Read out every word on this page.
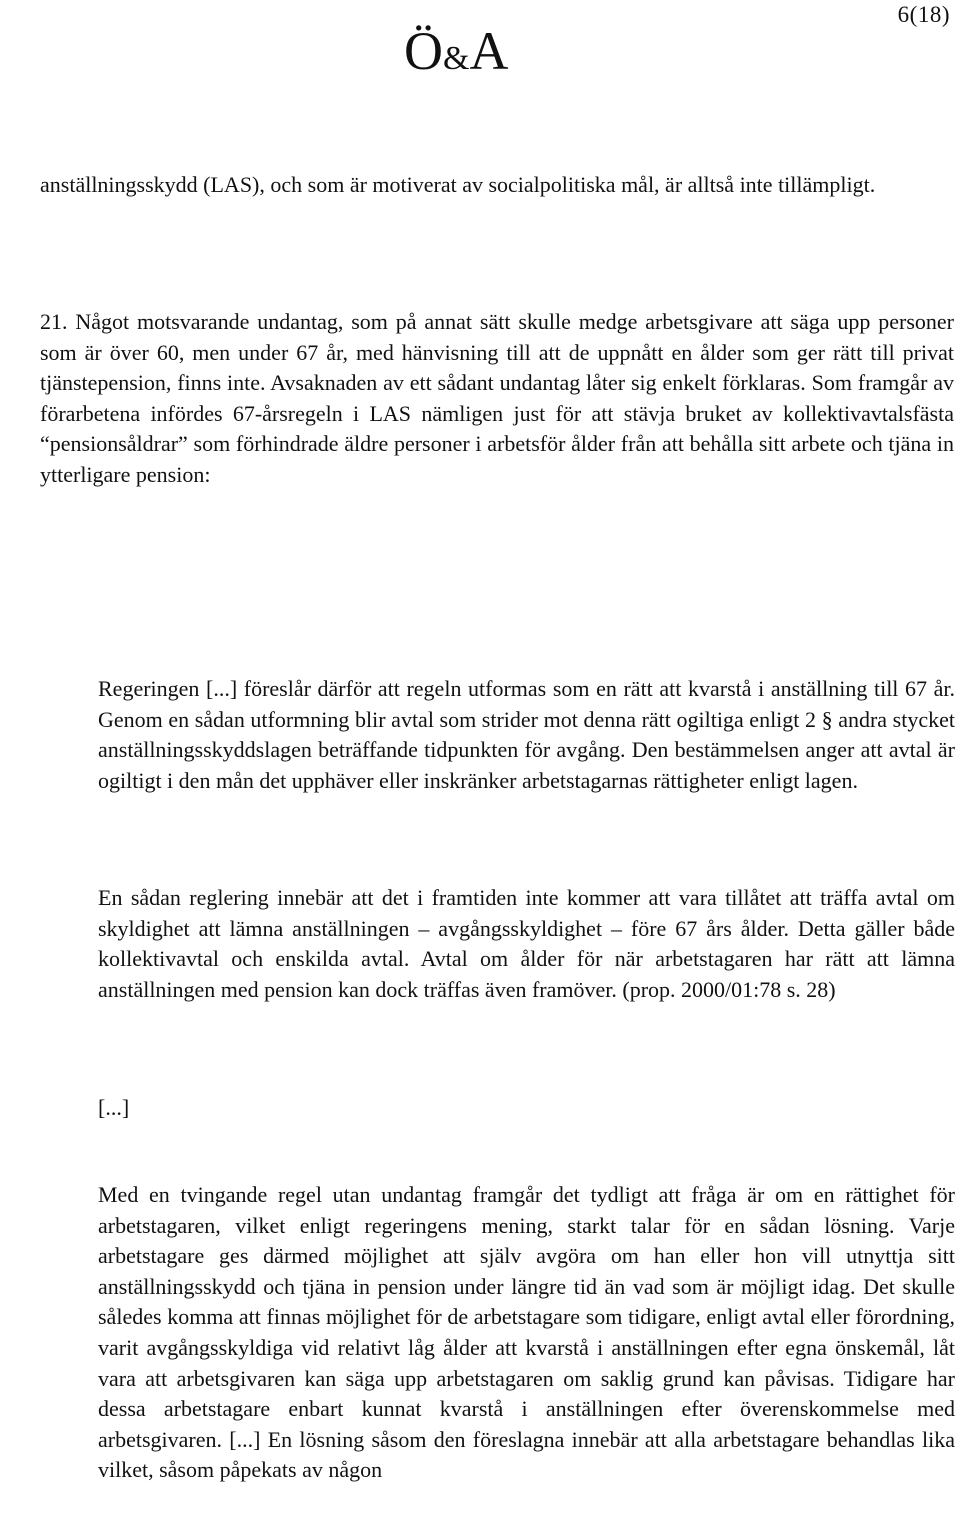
6(18)
Ö&A

anställningsskydd (LAS), och som är motiverat av socialpolitiska mål, är alltså inte tillämpligt.

21. Något motsvarande undantag, som på annat sätt skulle medge arbetsgivare att säga upp personer som är över 60, men under 67 år, med hänvisning till att de uppnått en ålder som ger rätt till privat tjänstepension, finns inte. Avsaknaden av ett sådant undantag låter sig enkelt förklaras. Som framgår av förarbetena infördes 67-årsregeln i LAS nämligen just för att stävja bruket av kollektivavtalsfästa “pensionsåldrar” som förhindrade äldre personer i arbetsför ålder från att behålla sitt arbete och tjäna in ytterligare pension:

Regeringen [...] föreslår därför att regeln utformas som en rätt att kvarstå i anställning till 67 år. Genom en sådan utformning blir avtal som strider mot denna rätt ogiltiga enligt 2 § andra stycket anställningsskyddslagen beträffande tidpunkten för avgång. Den bestämmelsen anger att avtal är ogiltigt i den mån det upphäver eller inskränker arbetstagarnas rättigheter enligt lagen.

En sådan reglering innebär att det i framtiden inte kommer att vara tillåtet att träffa avtal om skyldighet att lämna anställningen – avgångsskyldighet – före 67 års ålder. Detta gäller både kollektivavtal och enskilda avtal. Avtal om ålder för när arbetstagaren har rätt att lämna anställningen med pension kan dock träffas även framöver. (prop. 2000/01:78 s. 28)

[...]

Med en tvingande regel utan undantag framgår det tydligt att fråga är om en rättighet för arbetstagaren, vilket enligt regeringens mening, starkt talar för en sådan lösning. Varje arbetstagare ges därmed möjlighet att själv avgöra om han eller hon vill utnyttja sitt anställningsskydd och tjäna in pension under längre tid än vad som är möjligt idag. Det skulle således komma att finnas möjlighet för de arbetstagare som tidigare, enligt avtal eller förordning, varit avgångsskyldiga vid relativt låg ålder att kvarstå i anställningen efter egna önskemål, låt vara att arbetsgivaren kan säga upp arbetstagaren om saklig grund kan påvisas. Tidigare har dessa arbetstagare enbart kunnat kvarstå i anställningen efter överenskommelse med arbetsgivaren. [...] En lösning såsom den föreslagna innebär att alla arbetstagare behandlas lika vilket, såsom påpekats av någon
